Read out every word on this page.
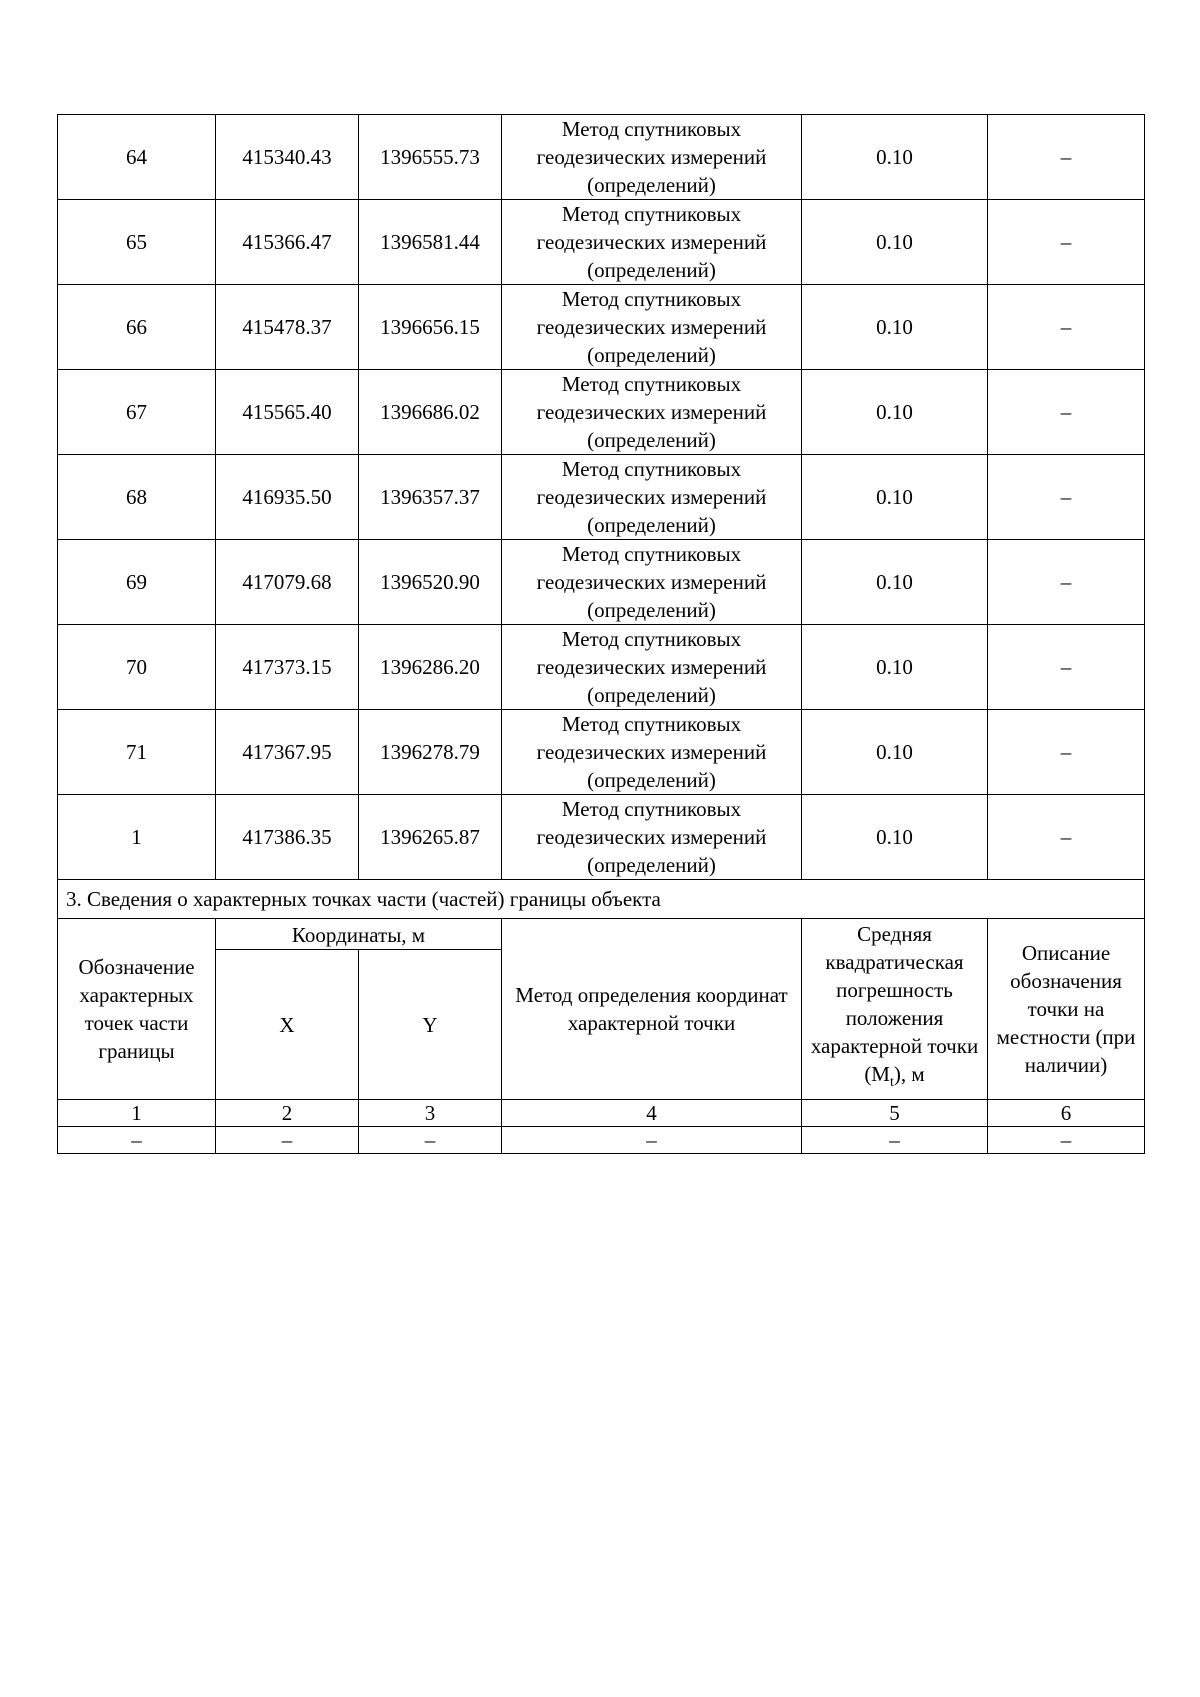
64	415340.43	1396555.73	Метод спутниковых геодезических измерений (определений)	0.10	–
65	415366.47	1396581.44	Метод спутниковых геодезических измерений (определений)	0.10	–
66	415478.37	1396656.15	Метод спутниковых геодезических измерений (определений)	0.10	–
67	415565.40	1396686.02	Метод спутниковых геодезических измерений (определений)	0.10	–
68	416935.50	1396357.37	Метод спутниковых геодезических измерений (определений)	0.10	–
69	417079.68	1396520.90	Метод спутниковых геодезических измерений (определений)	0.10	–
70	417373.15	1396286.20	Метод спутниковых геодезических измерений (определений)	0.10	–
71	417367.95	1396278.79	Метод спутниковых геодезических измерений (определений)	0.10	–
1	417386.35	1396265.87	Метод спутниковых геодезических измерений (определений)	0.10	–
3. Сведения о характерных точках части (частей) границы объекта					
Обозначение характерных точек части границы	Координаты, м		Метод определения координат характерной точки	Средняя квадратическая погрешность положения характерной точки $(M_t)$, м	Описание обозначения точки на местности (при наличии)
	X	Y			
1	2	3	4	5	6
–	–	–	–	–	–
